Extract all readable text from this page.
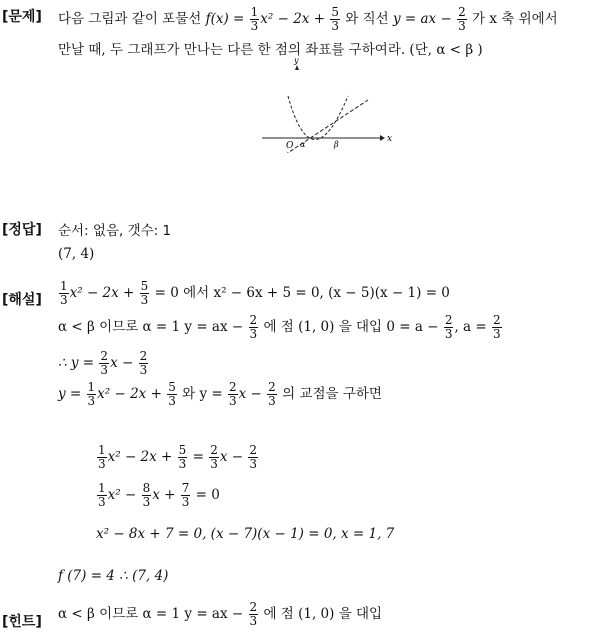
[문제] 다음 그림과 같이 포물선 $f(x) = \frac{1}{3} x^2 - 2x + \frac{5}{3}$ 와 직선 y = ax − $\frac{2}{3}$ 가 x 축 위에서
만날 때, 두 그래프가 만나는 다른 한 점의 좌표를 구하여라. (단, α < β )
x
y
O α	β
[정답] 순서: 없음, 갯수: 1
(7, 4)
[해설] $\frac{1}{3} x^2 - 2x + \frac{5}{3} = 0$ 에서 x² − 6x + 5 = 0, (x − 5)(x − 1) = 0
α < β 이므로 α = 1 y = ax − $\frac{2}{3}$ 에 점 (1, 0) 을 대입 $0 = a - \frac{2}{3}$ , $a = \frac{2}{3}$
∴ $y = \frac{2}{3}$ $x - \frac{2}{3}$
$y = \frac{1}{3} x^2 - 2x + \frac{5}{3}$ 와 $y = \frac{2}{3}$ $x - \frac{2}{3}$ 의 교점을 구하면
$\frac{1}{3} x^2 - 2x + \frac{5}{3} = \frac{2}{3}$ $x - \frac{2}{3}$
$\frac{1}{3} x^2 - \frac{8}{3}$ $x + \frac{7}{3} = 0$
x² − 8x + 7 = 0, (x − 7)(x − 1) = 0, x = 1, 7
f (7) = 4 ∴ (7, 4)
[힌트] α < β 이므로 α = 1 y = ax − $\frac{2}{3}$ 에 점 (1, 0) 을 대입
